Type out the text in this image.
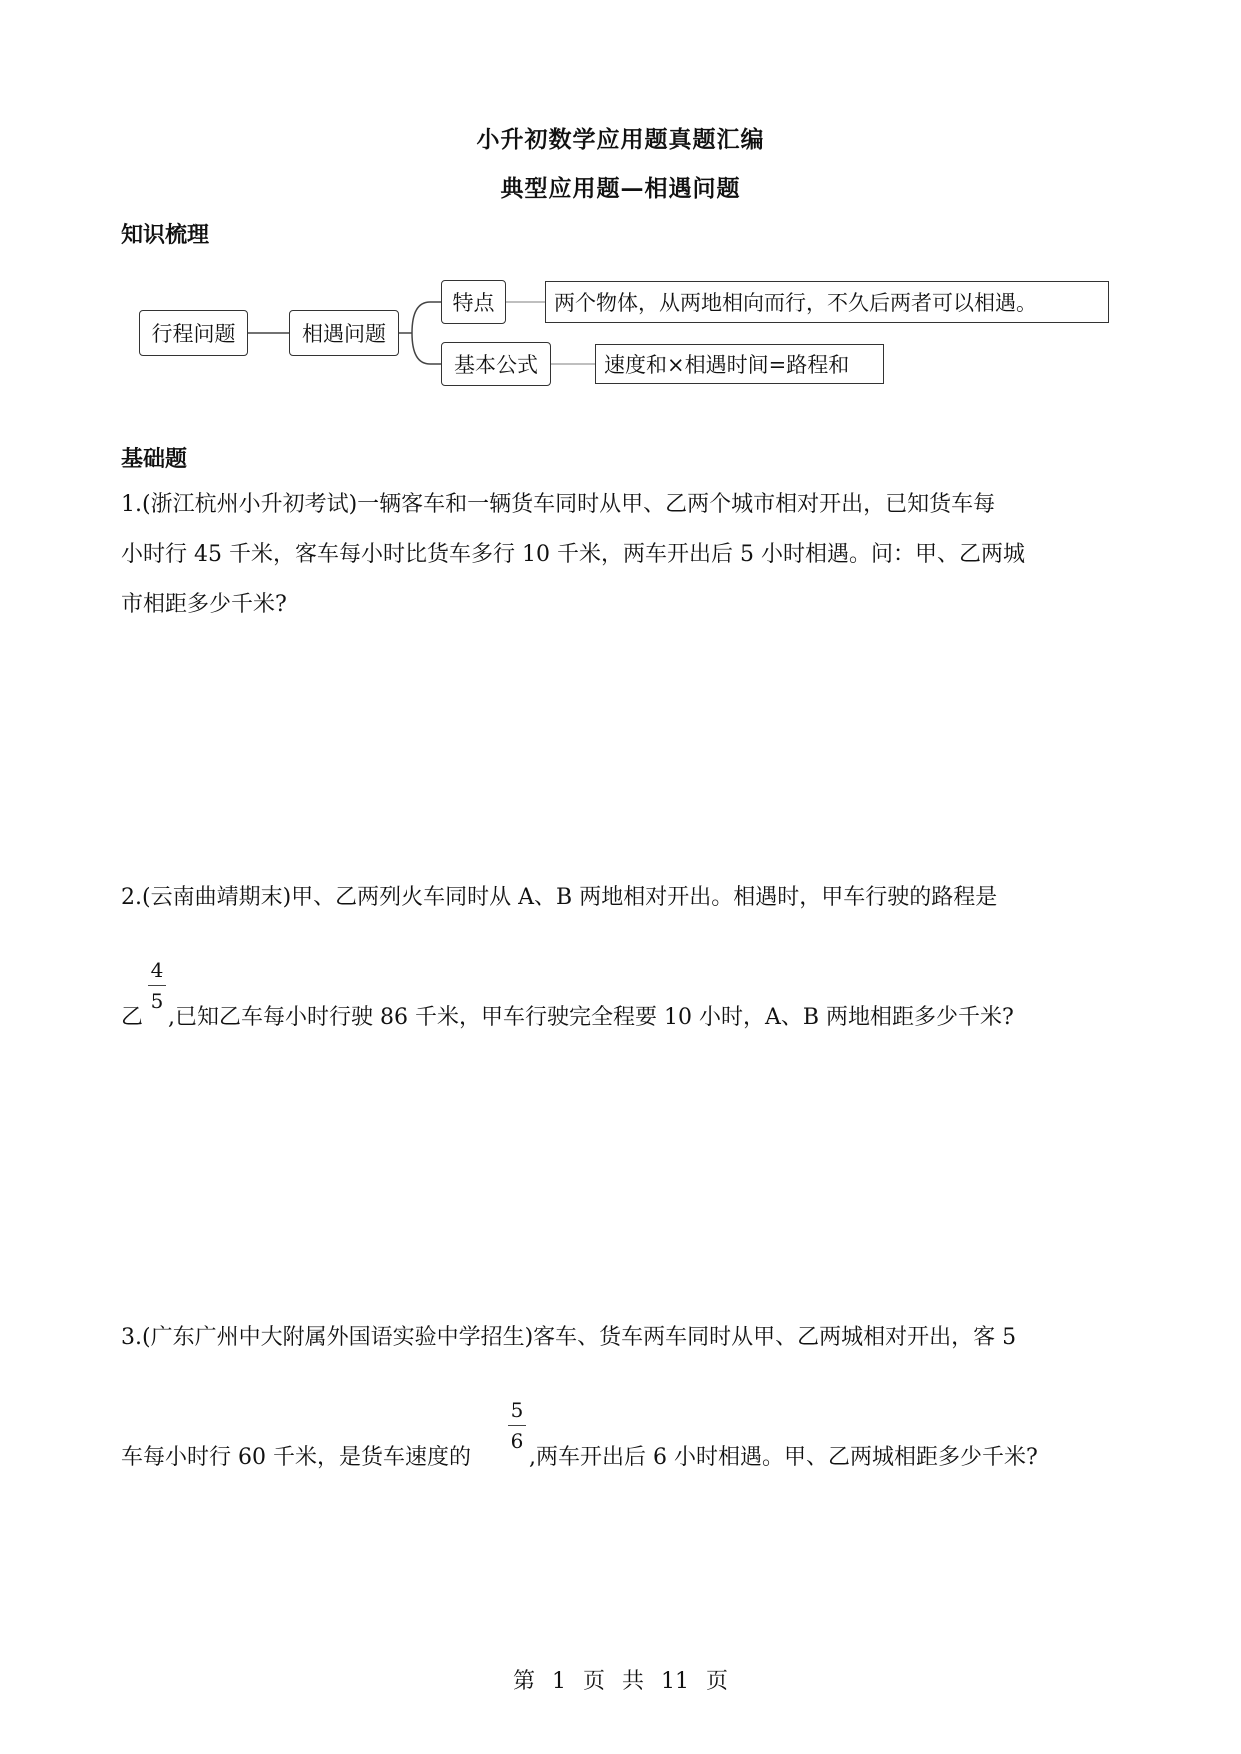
小升初数学应用题真题汇编
典型应用题—相遇问题
知识梳理
行程问题	相遇问题
特点
基本公式
两个物体，从两地相向而行，不久后两者可以相遇。
速度和×相遇时间=路程和
基础题
1.(浙江杭州小升初考试)一辆客车和一辆货车同时从甲、乙两个城市相对开出，已知货车每
小时行 45 千米，客车每小时比货车多行 10 千米，两车开出后 5 小时相遇。问：甲、乙两城
市相距多少千米?
2.(云南曲靖期末)甲、乙两列火车同时从 A、B 两地相对开出。相遇时，甲车行驶的路程是
乙
4
5
,已知乙车每小时行驶 86 千米，甲车行驶完全程要 10 小时，A、B 两地相距多少千米?
3.(广东广州中大附属外国语实验中学招生)客车、货车两车同时从甲、乙两城相对开出，客 5
车每小时行 60 千米，是货车速度的
5
6
,两车开出后 6 小时相遇。甲、乙两城相距多少千米?
第 1 页 共 11 页
